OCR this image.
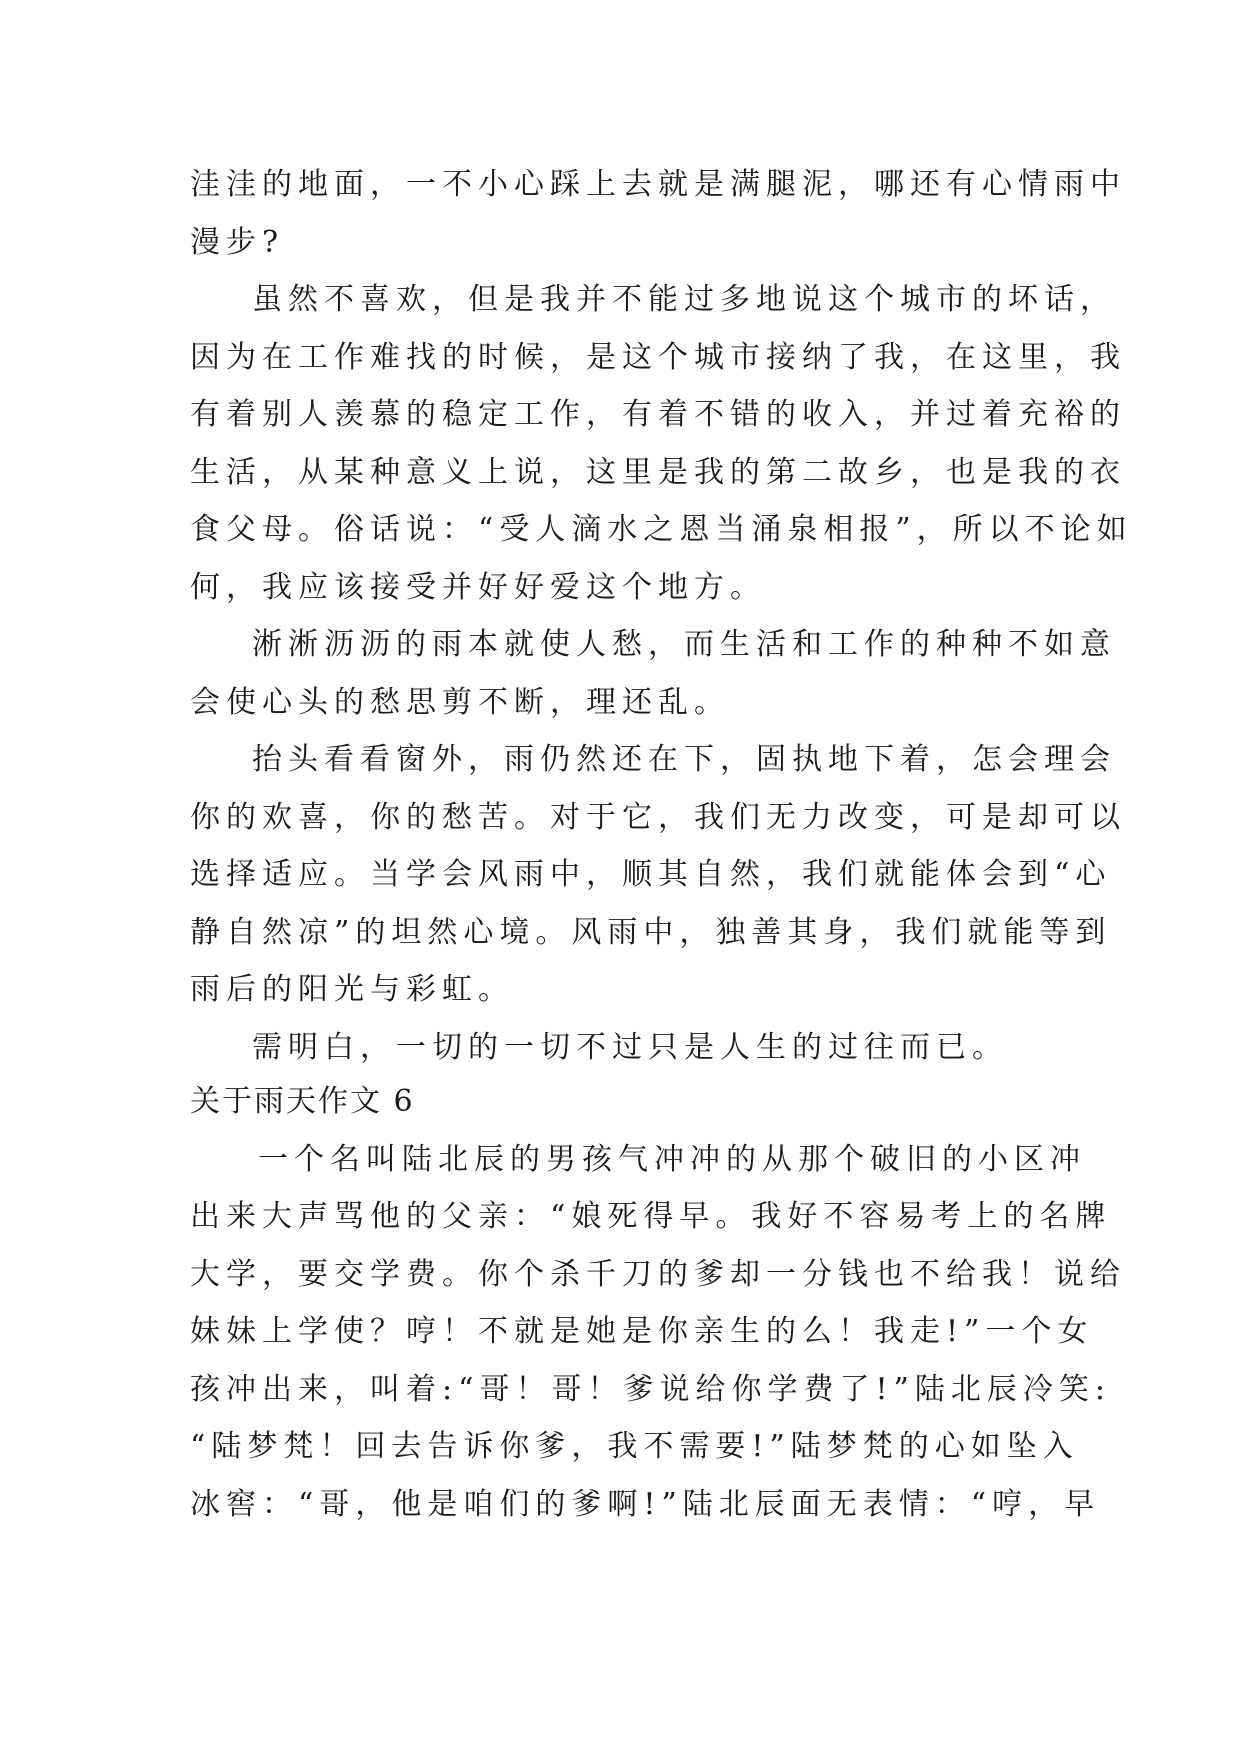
洼洼的地面，一不小心踩上去就是满腿泥，哪还有心情雨中
漫步?
虽然不喜欢，但是我并不能过多地说这个城市的坏话，
因为在工作难找的时候，是这个城市接纳了我，在这里，我
有着别人羡慕的稳定工作，有着不错的收入，并过着充裕的
生活，从某种意义上说，这里是我的第二故乡，也是我的衣
食父母。俗话说：“受人滴水之恩当涌泉相报”，所以不论如
何，我应该接受并好好爱这个地方。
淅淅沥沥的雨本就使人愁，而生活和工作的种种不如意
会使心头的愁思剪不断，理还乱。
抬头看看窗外，雨仍然还在下，固执地下着，怎会理会
你的欢喜，你的愁苦。对于它，我们无力改变，可是却可以
选择适应。当学会风雨中，顺其自然，我们就能体会到“心
静自然凉”的坦然心境。风雨中，独善其身，我们就能等到
雨后的阳光与彩虹。
需明白，一切的一切不过只是人生的过往而已。
关于雨天作文 6
一个名叫陆北辰的男孩气冲冲的从那个破旧的小区冲
出来大声骂他的父亲：“娘死得早。我好不容易考上的名牌
大学，要交学费。你个杀千刀的爹却一分钱也不给我！说给
妹妹上学使？哼！不就是她是你亲生的么！我走!”一个女
孩冲出来，叫着:“哥！哥！爹说给你学费了!”陆北辰冷笑:
“陆梦梵！回去告诉你爹，我不需要!”陆梦梵的心如坠入
冰窖：“哥，他是咱们的爹啊!”陆北辰面无表情：“哼，早
